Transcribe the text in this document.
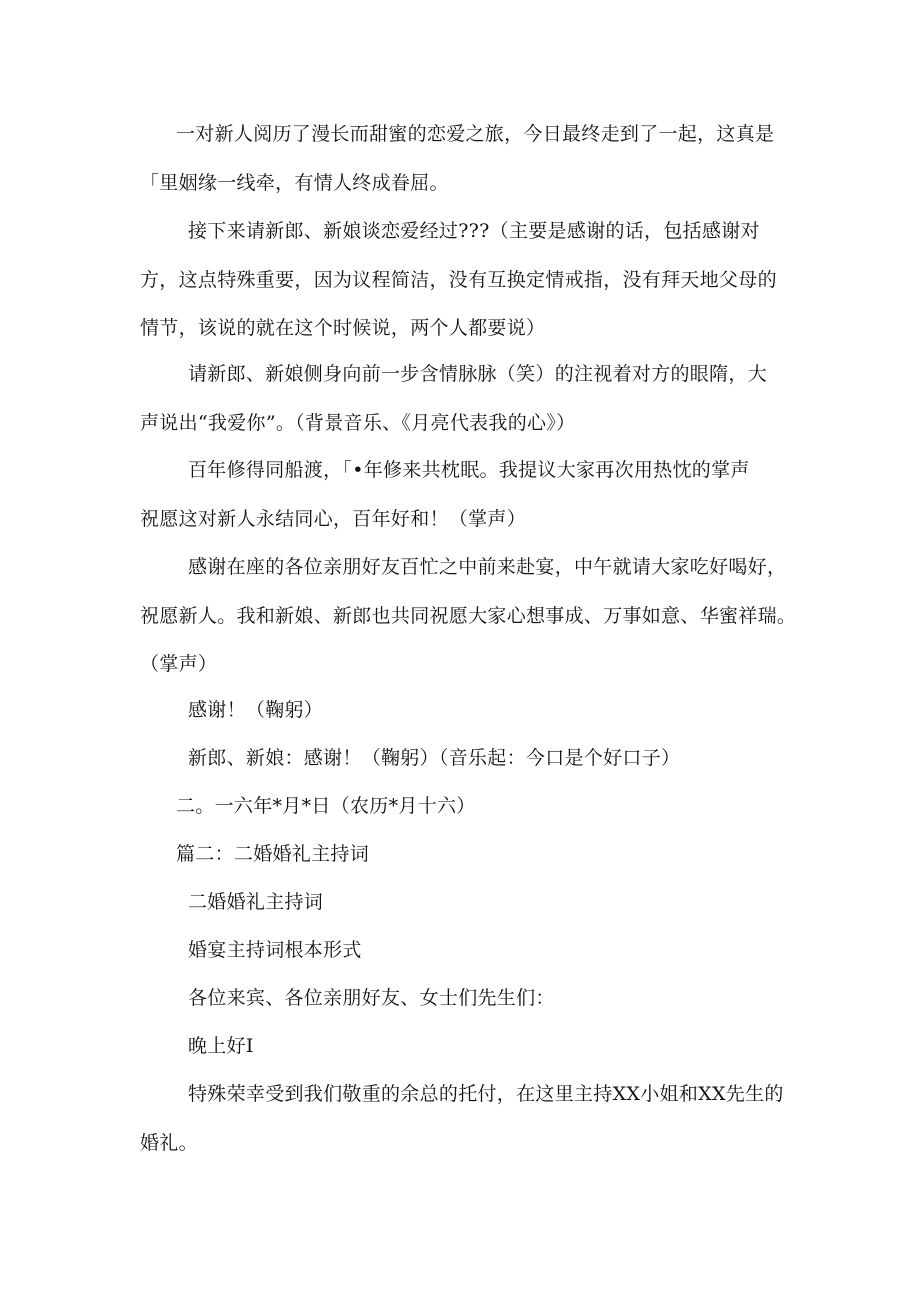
一对新人阅历了漫长而甜蜜的恋爱之旅，今日最终走到了一起，这真是
「里姻缘一线牵，有情人终成眷屈。
接下来请新郎、新娘谈恋爱经过???（主要是感谢的话，包括感谢对
方，这点特殊重要，因为议程简洁，没有互换定情戒指，没有拜天地父母的
情节，该说的就在这个时候说，两个人都要说）
请新郎、新娘侧身向前一步含情脉脉（笑）的注视着对方的眼隋，大
声说出“我爱你”。（背景音乐、《月亮代表我的心》）
百年修得同船渡，「•年修来共枕眠。我提议大家再次用热忱的掌声
祝愿这对新人永结同心，百年好和！（掌声）
感谢在座的各位亲朋好友百忙之中前来赴宴，中午就请大家吃好喝好，
祝愿新人。我和新娘、新郎也共同祝愿大家心想事成、万事如意、华蜜祥瑞。
（掌声）
感谢！（鞠躬）
新郎、新娘：感谢！（鞠躬）（音乐起：今口是个好口子）
二。一六年*月*日（农历*月十六）
篇二：二婚婚礼主持词
二婚婚礼主持词
婚宴主持词根本形式
各位来宾、各位亲朋好友、女士们先生们：
晚上好I
特殊荣幸受到我们敬重的余总的托付，在这里主持XX小姐和XX先生的
婚礼。
